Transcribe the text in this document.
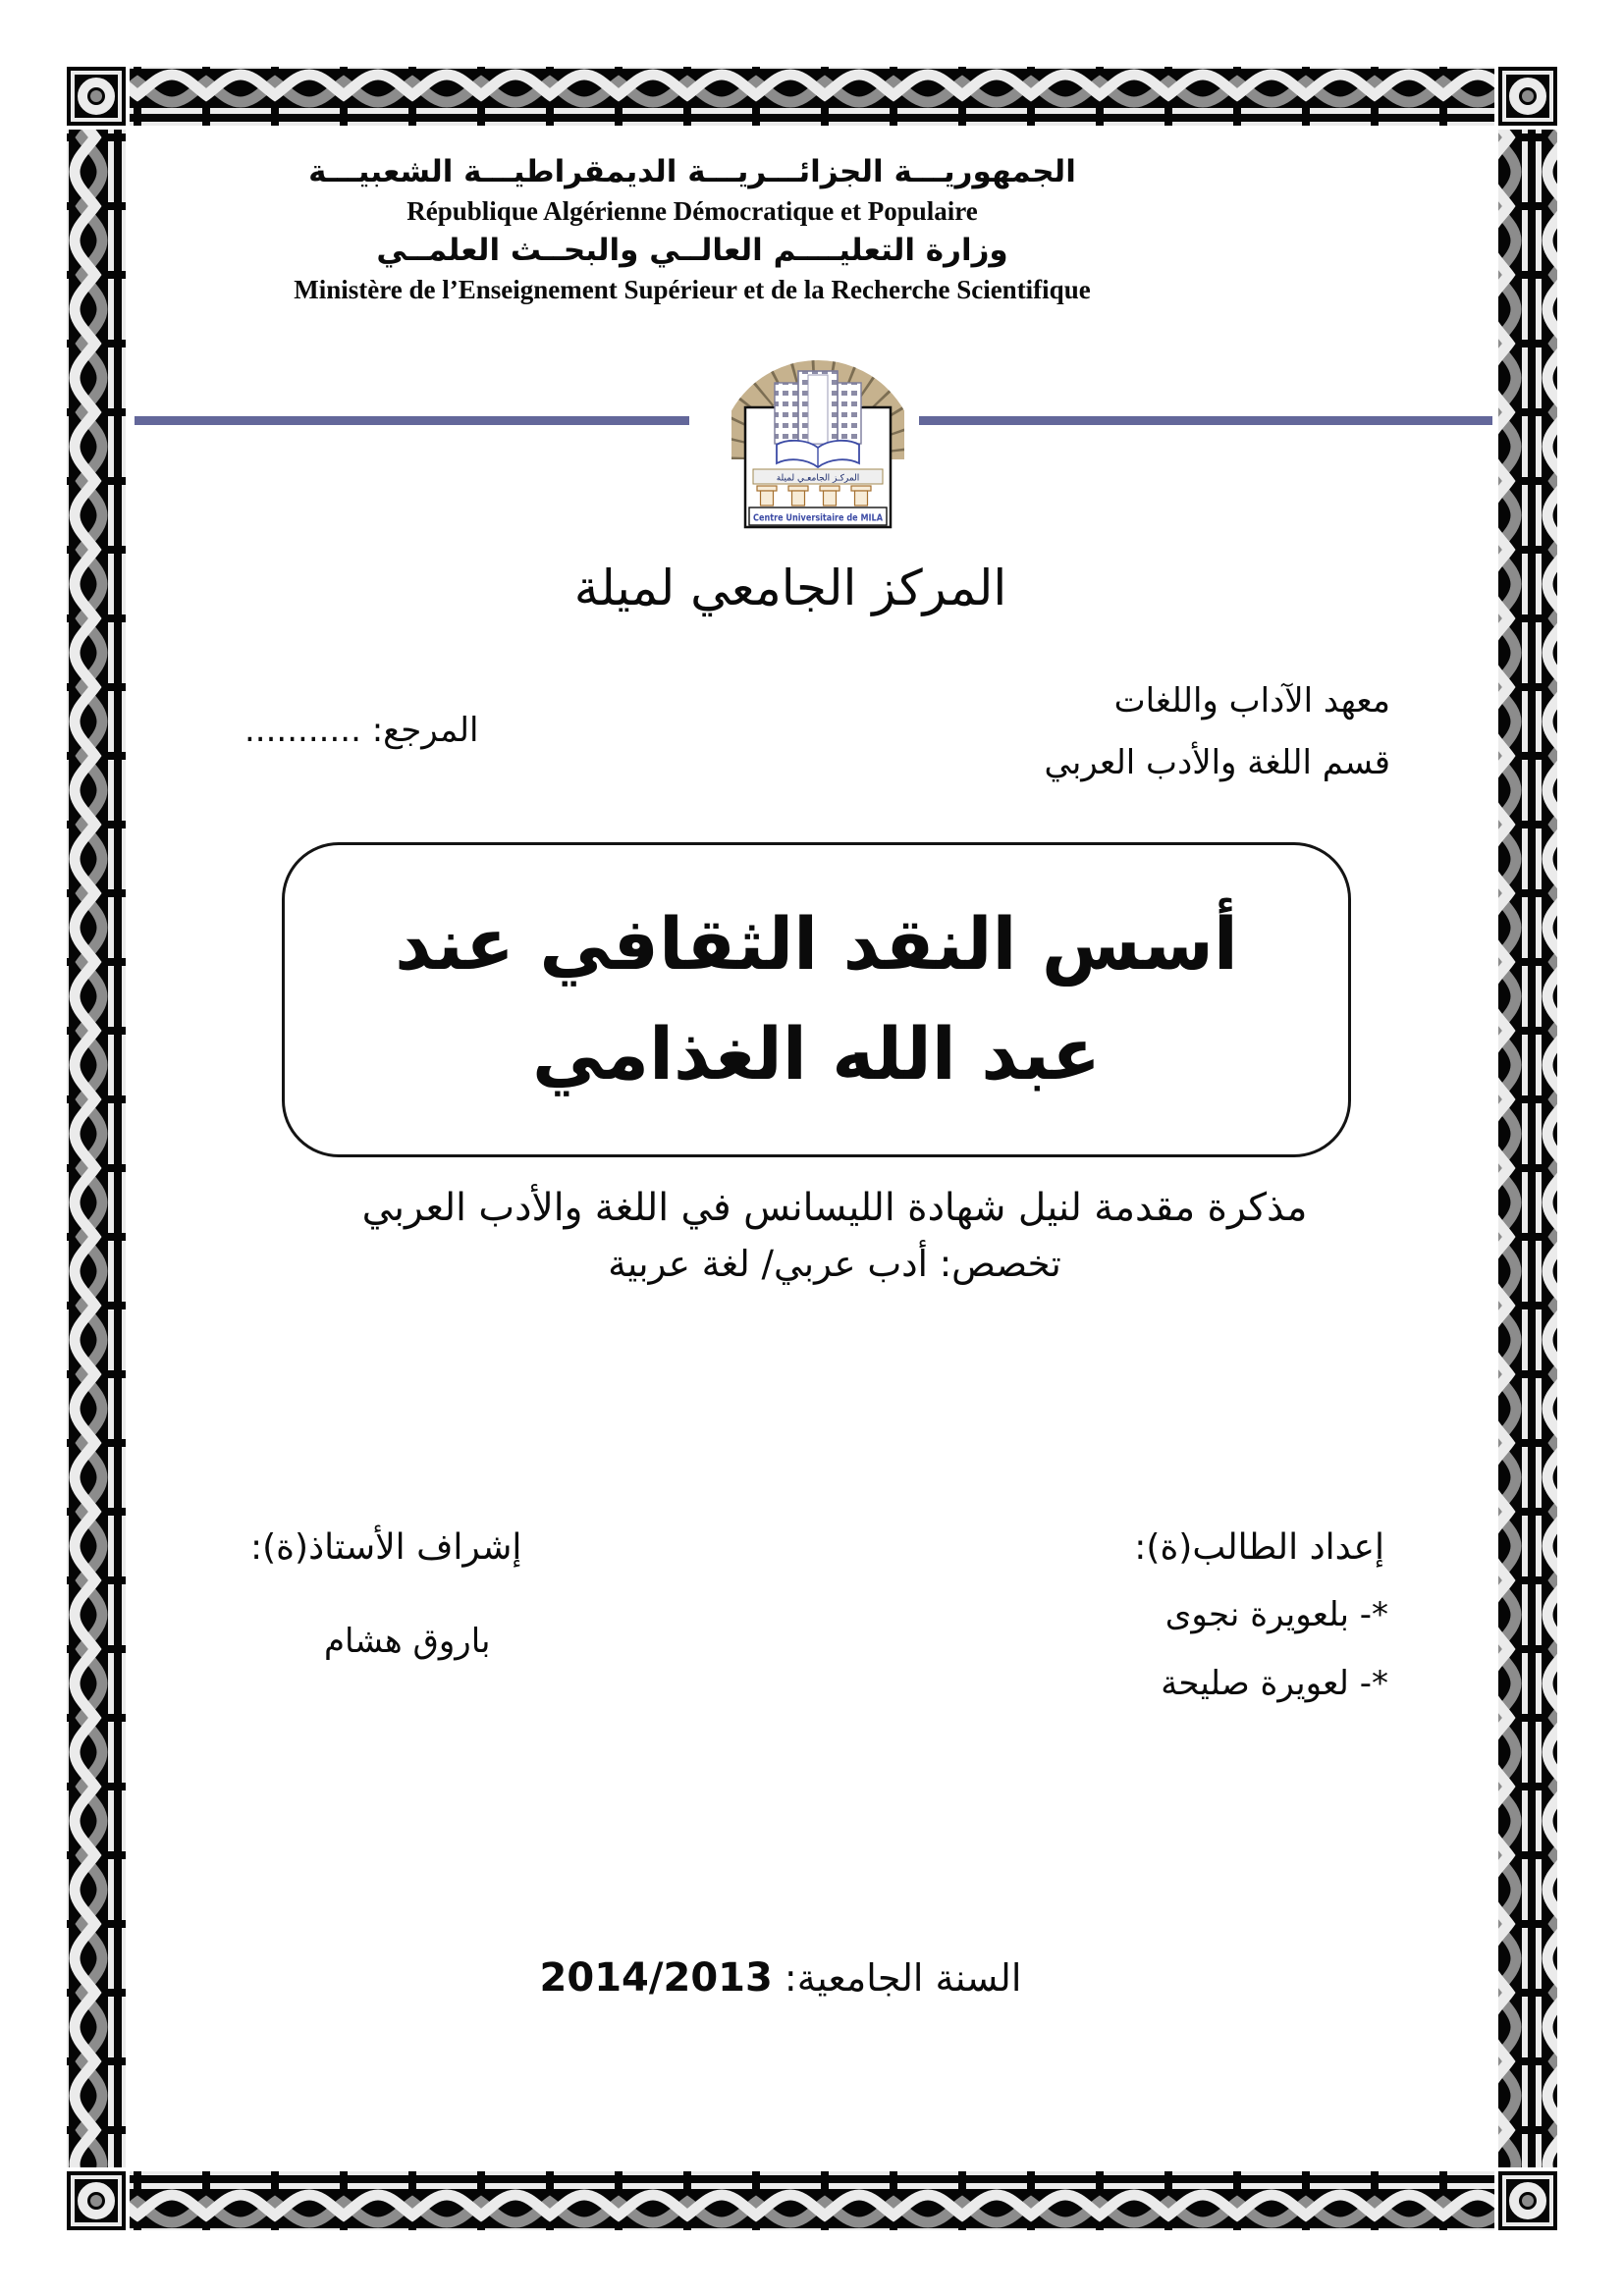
المركـز الجامعـي لميلة
Centre Universitaire de MILA
الجمهوريـــة الجزائـــريـــة الديمقراطيـــة الشعبيـــة
République Algérienne Démocratique et Populaire
وزارة التعليــــم العالــي والبحــث العلمــي
Ministère de l’Enseignement Supérieur et de la Recherche Scientifique
المركز الجامعي لميلة
معهد الآداب واللغات
قسم اللغة والأدب العربي
المرجع: ...........
أسس النقد الثقافي عند
عبد الله الغذامي
مذكرة مقدمة لنيل شهادة الليسانس في اللغة والأدب العربي
تخصص: أدب عربي/ لغة عربية
إعداد الطالب(ة):
*- بلعويرة نجوى
*- لعويرة صليحة
إشراف الأستاذ(ة):
باروق هشام
السنة الجامعية: 2014/2013
